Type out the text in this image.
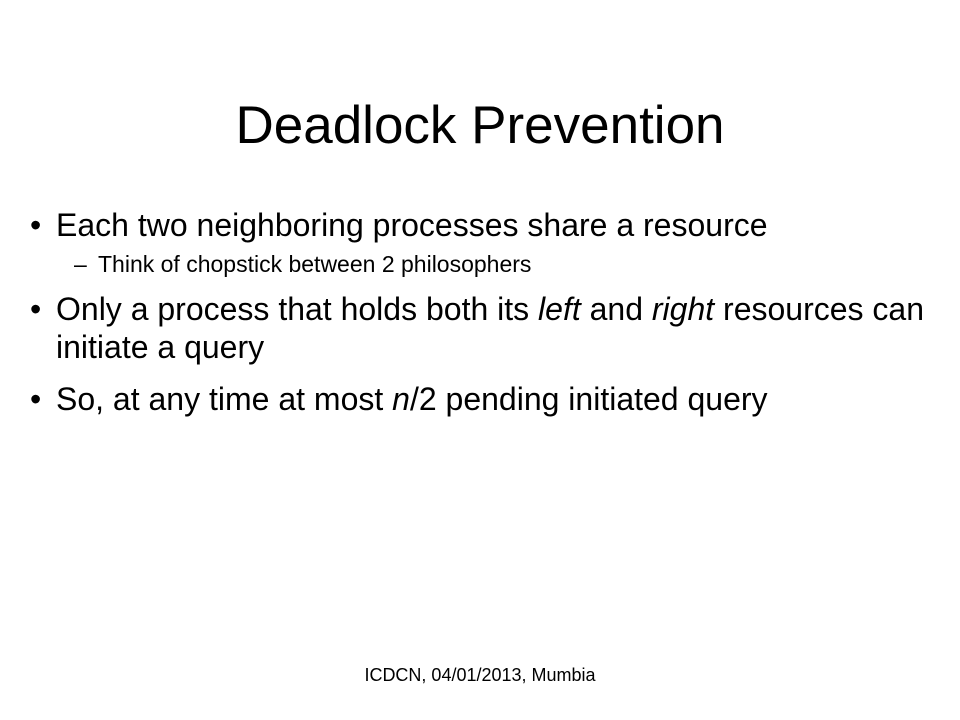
Deadlock Prevention
• Each two neighboring processes share a resource
– Think of chopstick between 2 philosophers
• Only a process that holds both its left and right resources can initiate a query
• So, at any time at most n/2 pending initiated query
ICDCN, 04/01/2013, Mumbia
